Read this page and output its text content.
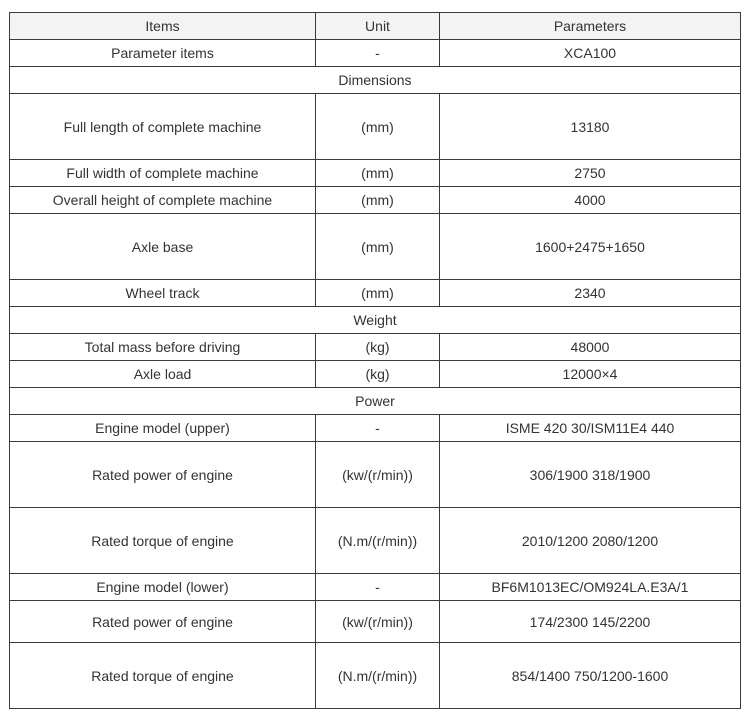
Items	Unit	Parameters
Parameter items	-	XCA100
Dimensions		
Full length of complete machine	(mm)	13180
Full width of complete machine	(mm)	2750
Overall height of complete machine	(mm)	4000
Axle base	(mm)	1600+2475+1650
Wheel track	(mm)	2340
Weight		
Total mass before driving	(kg)	48000
Axle load	(kg)	12000×4
Power		
Engine model (upper)	-	ISME 420 30/ISM11E4 440
Rated power of engine	(kw/(r/min))	306/1900 318/1900
Rated torque of engine	(N.m/(r/min))	2010/1200 2080/1200
Engine model (lower)	-	BF6M1013EC/OM924LA.E3A/1
Rated power of engine	(kw/(r/min))	174/2300 145/2200
Rated torque of engine	(N.m/(r/min))	854/1400 750/1200-1600
